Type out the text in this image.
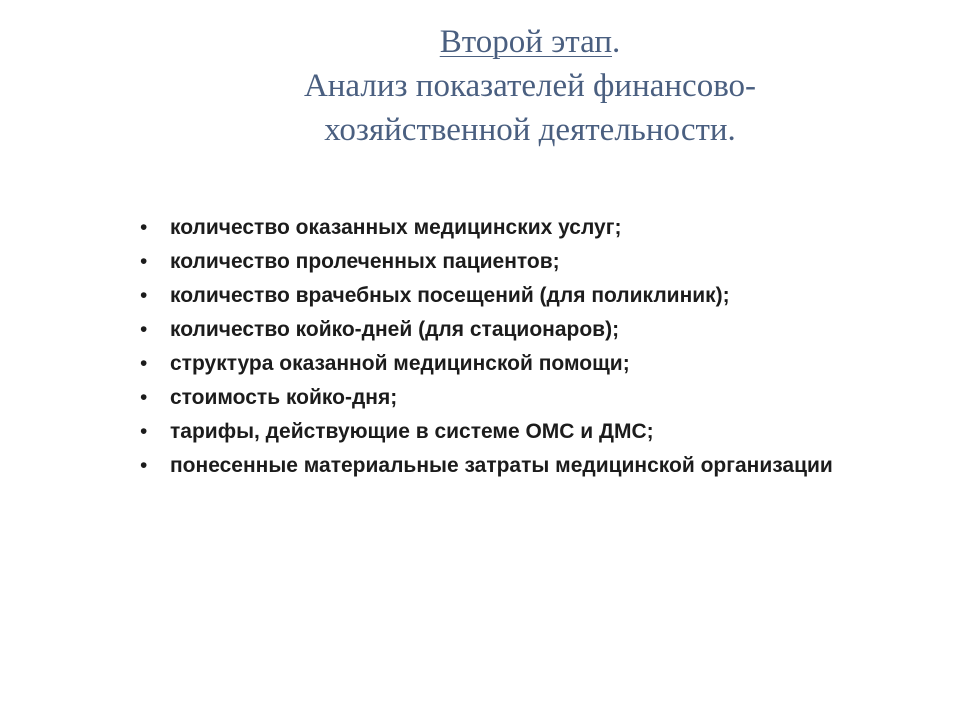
Второй этап.
Анализ показателей финансово-
хозяйственной деятельности.
• количество оказанных медицинских услуг;
• количество пролеченных пациентов;
• количество врачебных посещений (для поликлиник);
• количество койко-дней (для стационаров);
• структура оказанной медицинской помощи;
• стоимость койко-дня;
• тарифы, действующие в системе ОМС и ДМС;
• понесенные материальные затраты медицинской организации
